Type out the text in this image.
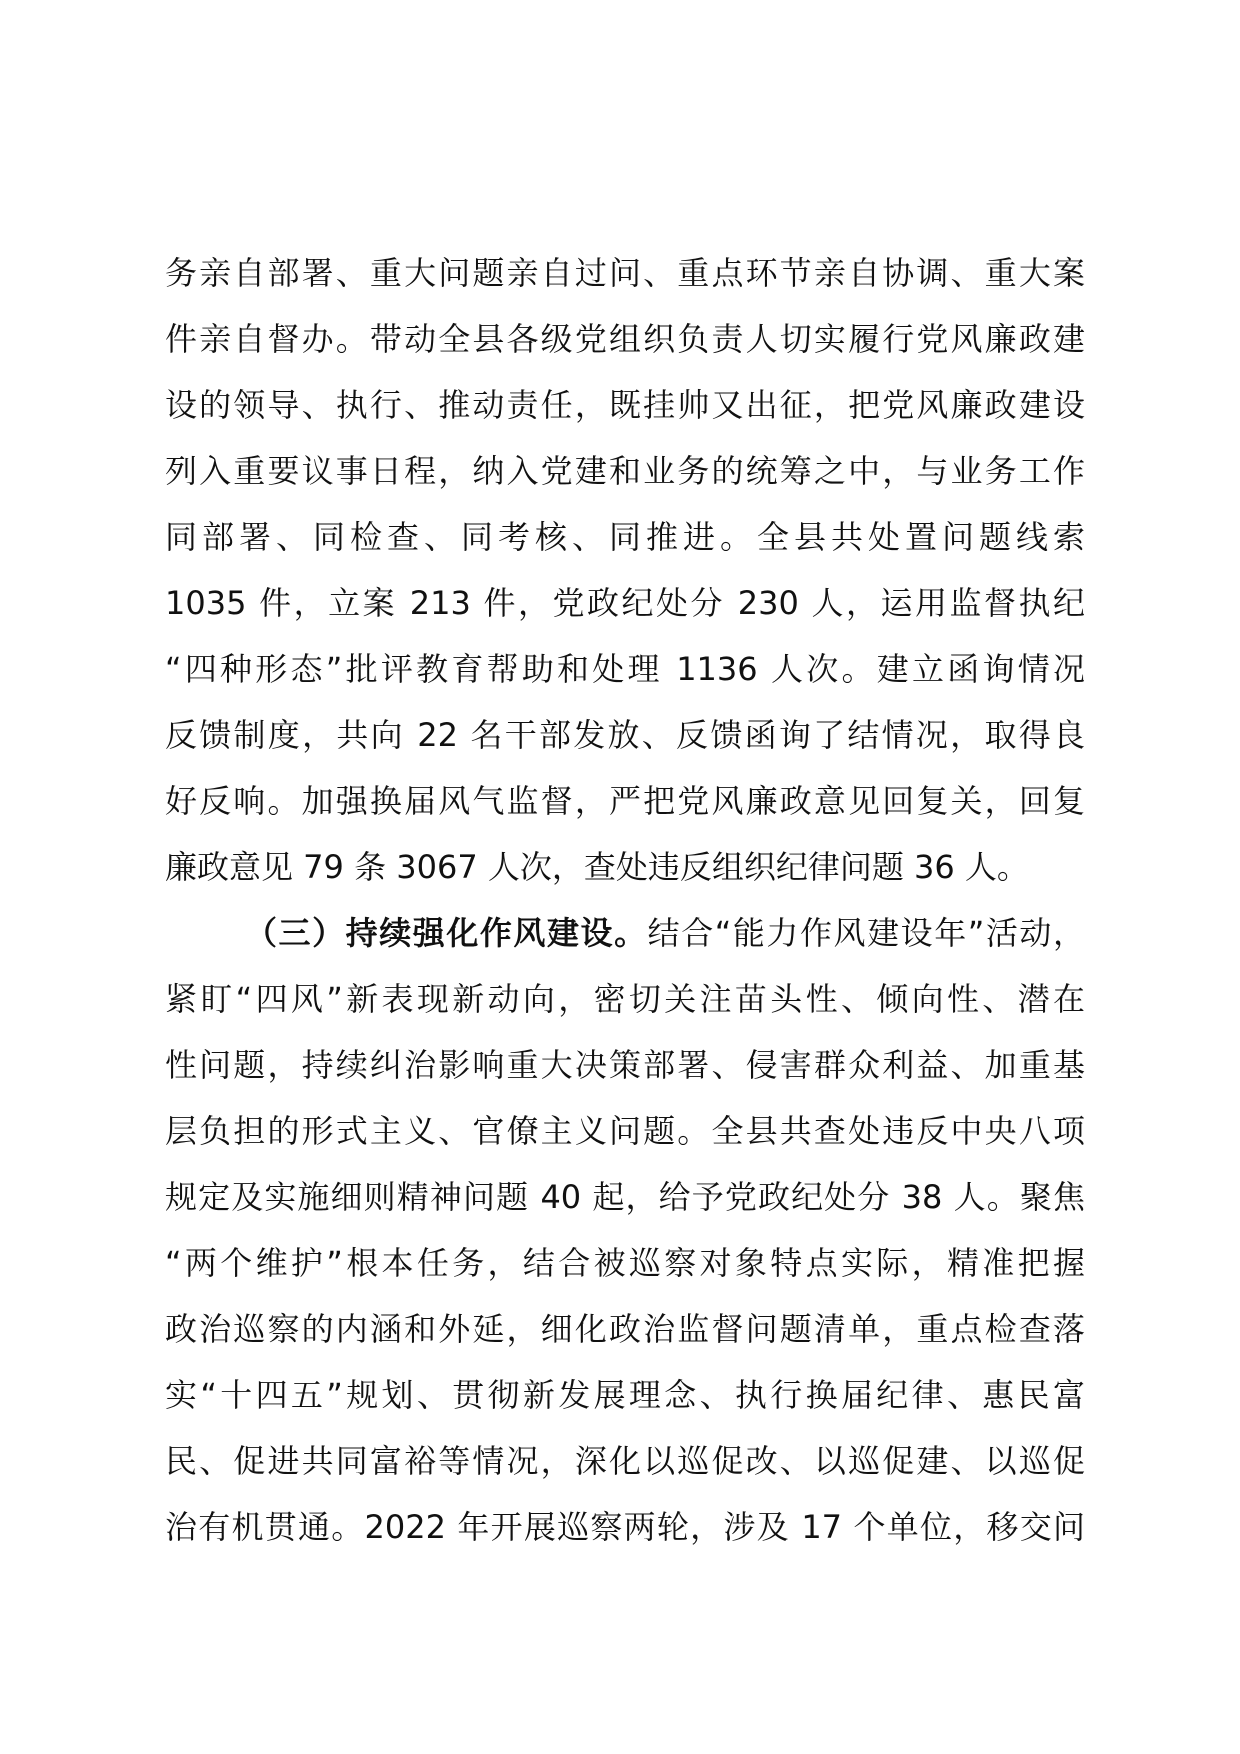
务亲自部署、重大问题亲自过问、重点环节亲自协调、重大案
件亲自督办。带动全县各级党组织负责人切实履行党风廉政建
设的领导、执行、推动责任，既挂帅又出征，把党风廉政建设
列入重要议事日程，纳入党建和业务的统筹之中，与业务工作
同部署、同检查、同考核、同推进。全县共处置问题线索
1035 件，立案 213 件，党政纪处分 230 人，运用监督执纪
“四种形态”批评教育帮助和处理 1136 人次。建立函询情况
反馈制度，共向 22 名干部发放、反馈函询了结情况，取得良
好反响。加强换届风气监督，严把党风廉政意见回复关，回复
廉政意见 79 条 3067 人次，查处违反组织纪律问题 36 人。
（三）持续强化作风建设。结合“能力作风建设年”活动，
紧盯“四风”新表现新动向，密切关注苗头性、倾向性、潜在
性问题，持续纠治影响重大决策部署、侵害群众利益、加重基
层负担的形式主义、官僚主义问题。全县共查处违反中央八项
规定及实施细则精神问题 40 起，给予党政纪处分 38 人。聚焦
“两个维护”根本任务，结合被巡察对象特点实际，精准把握
政治巡察的内涵和外延，细化政治监督问题清单，重点检查落
实“十四五”规划、贯彻新发展理念、执行换届纪律、惠民富
民、促进共同富裕等情况，深化以巡促改、以巡促建、以巡促
治有机贯通。2022 年开展巡察两轮，涉及 17 个单位，移交问
